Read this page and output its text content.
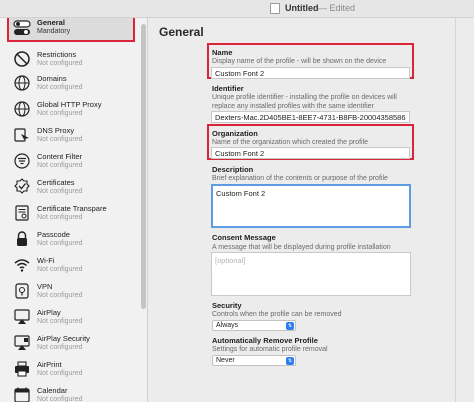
Untitled — Edited
General
Mandatory
Restrictions
Not configured
Domains
Not configured
Global HTTP Proxy
Not configured
DNS Proxy
Not configured
Content Filter
Not configured
Certificates
Not configured
Certificate Transpare
Not configured
Passcode
Not configured
Wi-Fi
Not configured
VPN
Not configured
AirPlay
Not configured
AirPlay Security
Not configured
AirPrint
Not configured
Calendar
Not configured
General
Name
Display name of the profile - will be shown on the device
Custom Font 2
Identifier
Unique profile identifier - installing the profile on devices will replace any installed profiles with the same identifier
Dexters-Mac.2D405BE1-8EE7-4731-B8FB-200043585862
Organization
Name of the organization which created the profile
Custom Font 2
Description
Brief explanation of the contents or purpose of the profile
Custom Font 2
Consent Message
A message that will be displayed during profile installation
[optional]
Security
Controls when the profile can be removed
Always	⇅
Automatically Remove Profile
Settings for automatic profile removal
Never	⇅
